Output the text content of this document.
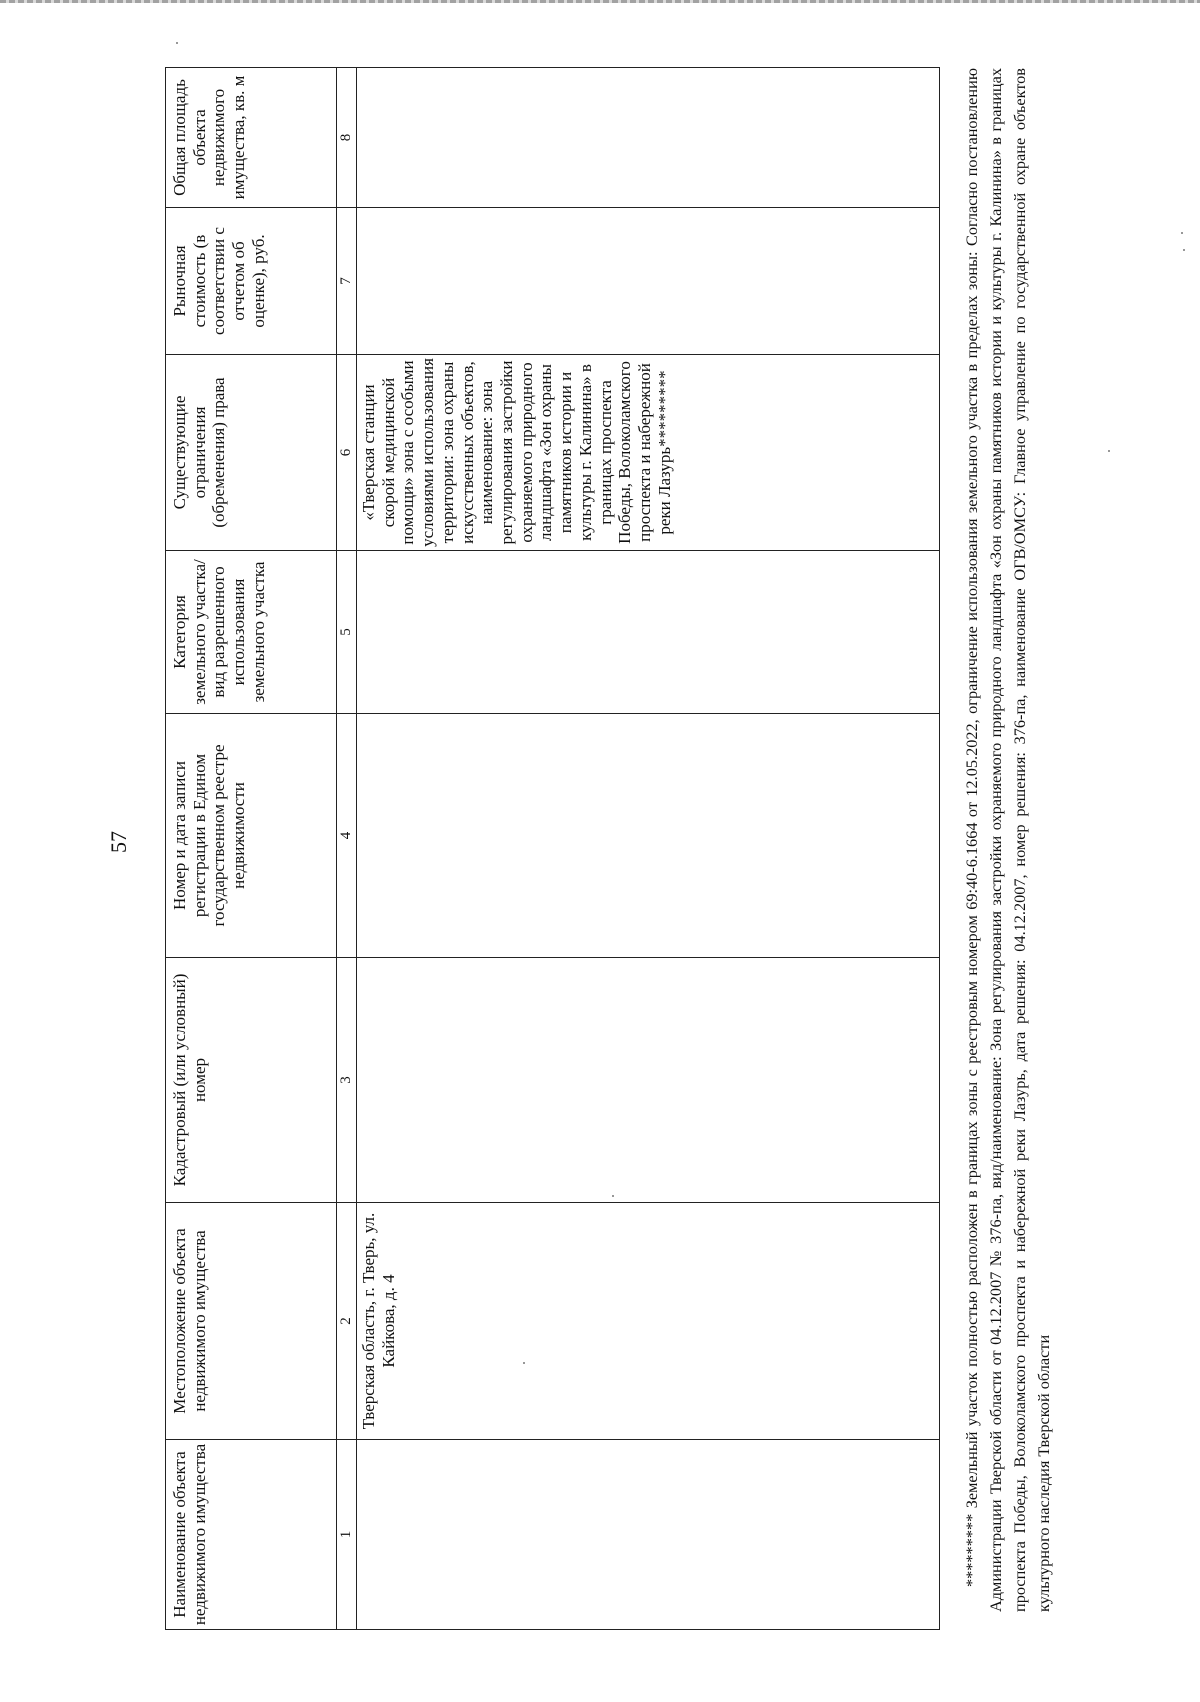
57
Наименование объекта недвижимого имущества	Местоположение объекта недвижимого имущества	Кадастровый (или условный) номер	Номер и дата записи регистрации в Едином государственном реестре недвижимости	Категория земельного участка/вид разрешенного использования земельного участка	Существующие ограничения (обременения) права	Рыночная стоимость (в соответствии с отчетом об оценке), руб.	Общая площадь объекта недвижимого имущества, кв. м
1	2	3	4	5	6	7	8
	Тверская область, г. Тверь, ул. Кайкова, д. 4				«Тверская станции скорой медицинской помощи» зона с особыми условиями использования территории: зона охраны искусственных объектов, наименование: зона регулирования застройки охраняемого природного ландшафта «Зон охраны памятников истории и культуры г. Калинина» в границах проспекта Победы, Волоколамского проспекта и набережной реки Лазурь*********			********* Земельный участок полностью расположен в границах зоны с реестровым номером 69:40-6.1664 от 12.05.2022, ограничение использования земельного участка в пределах зоны: Согласно постановлению Администрации Тверской области от 04.12.2007 № 376-па, вид/наименование: Зона регулирования застройки охраняемого природного ландшафта «Зон охраны памятников истории и культуры г. Калинина» в границах проспекта Победы, Волоколамского проспекта и набережной реки Лазурь, дата решения: 04.12.2007, номер решения: 376-па, наименование ОГВ/ОМСУ: Главное управление по государственной охране объектов культурного наследия Тверской области
